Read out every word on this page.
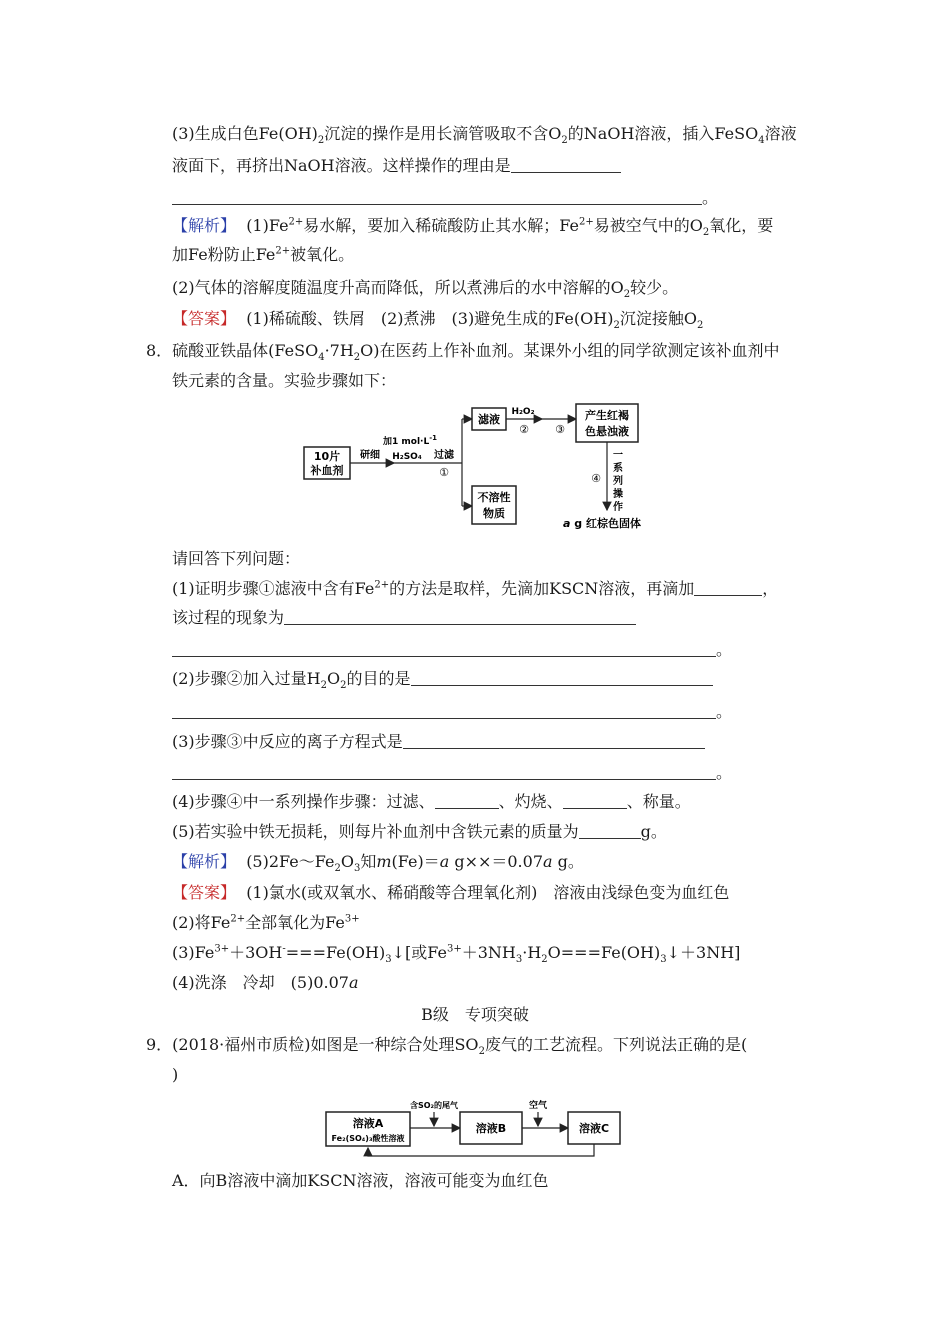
(3)生成白色$Fe(OH)_2$沉淀的操作是用长滴管吸取不含$O_2$的NaOH溶液，插入FeSO$_4$溶液
液面下，再挤出NaOH溶液。这样操作的理由是
。
【解析】 $(1)Fe^{2+}$易水解，要加入稀硫酸防止其水解；$Fe^{2+}$易被空气中的$O_2$氧化，要
加Fe粉防止$Fe^{2+}$被氧化。
(2)气体的溶解度随温度升高而降低，所以煮沸后的水中溶解的$O_2$较少。
【答案】 (1)稀硫酸、铁屑　(2)煮沸　(3)避免生成的$Fe(OH)_2$沉淀接触$O_2$
8．硫酸亚铁晶体$(FeSO_4\cdot 7H_2O)$在医药上作补血剂。某课外小组的同学欲测定该补血剂中
铁元素的含量。实验步骤如下：
10片
补血剂
研细
加1 $mol\cdot L^{-1}$
H₂SO₄ 过滤
①
滤液
H₂O₂
② ③
产生红褐
色悬浊液
④
一
系
列
操
作
不溶性
物质
a g 红棕色固体
请回答下列问题：
(1)证明步骤①滤液中含有$Fe^{2+}$的方法是取样，先滴加KSCN溶液，再滴加	，
该过程的现象为
。
(2)步骤②加入过量$H_2O_2$的目的是
。
(3)步骤③中反应的离子方程式是
。
(4)步骤④中一系列操作步骤：过滤、	、灼烧、	、称量。
(5)若实验中铁无损耗，则每片补血剂中含铁元素的质量为	g。
【解析】 $(5)2Fe\sim Fe_2O_3$知m(Fe)＝a g××＝0.07a g。
【答案】 (1)氯水(或双氧水、稀硝酸等合理氧化剂)　溶液由浅绿色变为血红色
(2)将$Fe^{2+}$全部氧化为$Fe^{3+}$
$(3)Fe^{3+}+3OH^-===Fe(OH)_3↓$[或$Fe^{3+}+3NH_3\cdot H_2O===Fe(OH)_3↓+3NH$]
(4)洗涤　冷却　(5)0.07a
B级　专项突破
9．(2018·福州市质检)如图是一种综合处理$SO_2$废气的工艺流程。下列说法正确的是(
)
溶液A
Fe₂(SO₄)₃酸性溶液
含SO₂的尾气
溶液B
空气
溶液C
A．向B溶液中滴加KSCN溶液，溶液可能变为血红色
